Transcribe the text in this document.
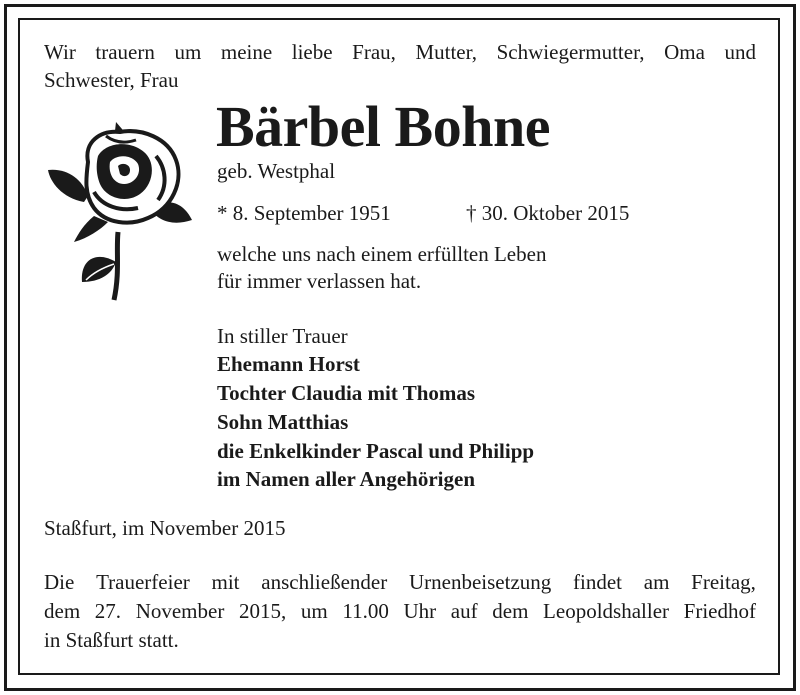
Wir trauern um meine liebe Frau, Mutter, Schwiegermutter, Oma und
Schwester, Frau
Bärbel Bohne
geb. Westphal
* 8. September 1951	† 30. Oktober 2015
welche uns nach einem erfüllten Leben
für immer verlassen hat.
In stiller Trauer
Ehemann Horst
Tochter Claudia mit Thomas
Sohn Matthias
die Enkelkinder Pascal und Philipp
im Namen aller Angehörigen
Staßfurt, im November 2015
Die Trauerfeier mit anschließender Urnenbeisetzung findet am Freitag,
dem 27. November 2015, um 11.00 Uhr auf dem Leopoldshaller Friedhof
in Staßfurt statt.
